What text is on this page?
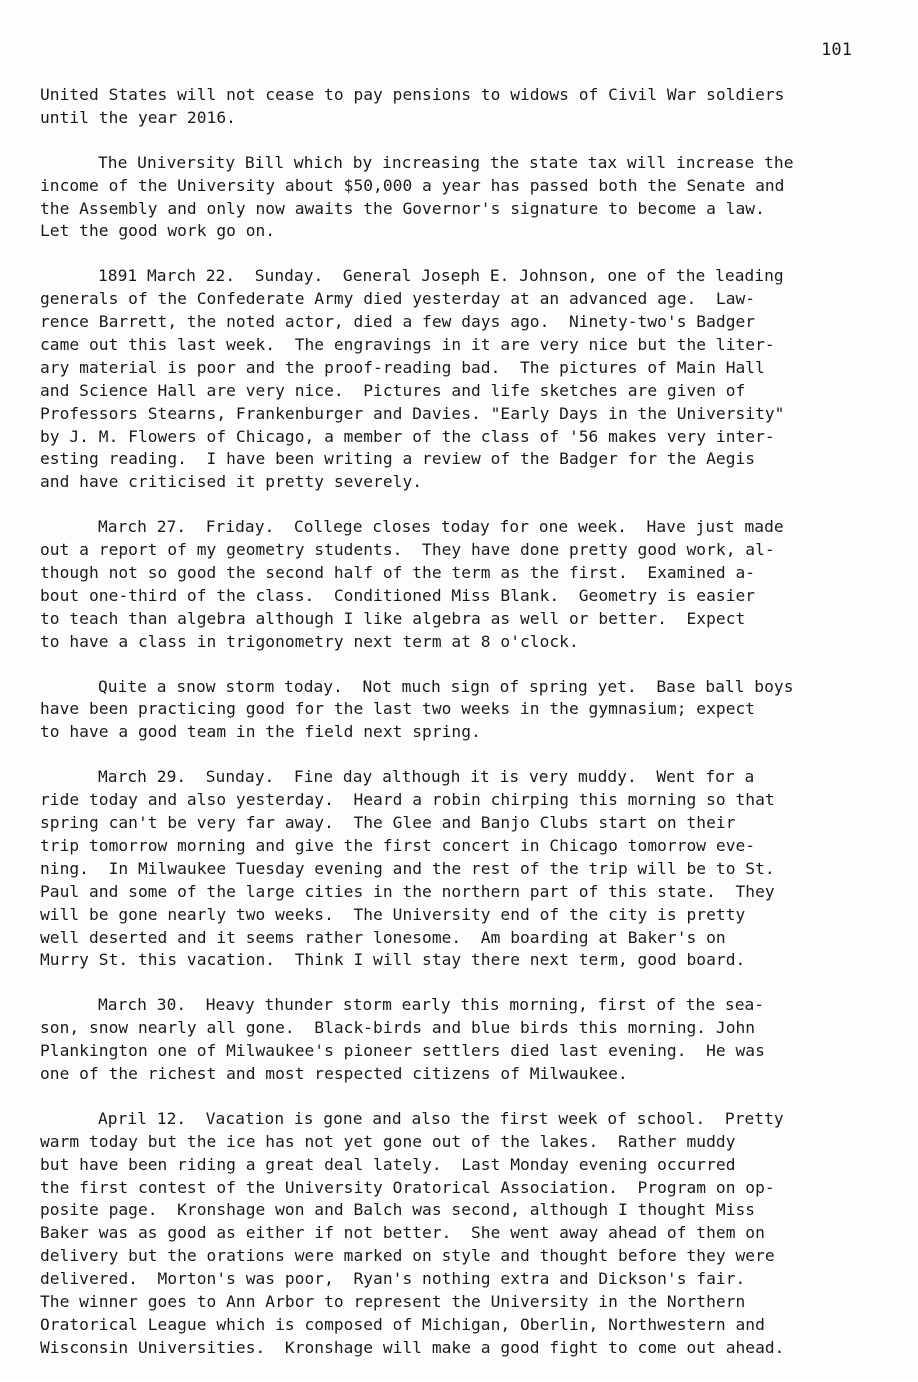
101
United States will not cease to pay pensions to widows of Civil War soldiers
until the year 2016.
The University Bill which by increasing the state tax will increase the
income of the University about $50,000 a year has passed both the Senate and
the Assembly and only now awaits the Governor's signature to become a law.
Let the good work go on.
1891 March 22.  Sunday.  General Joseph E. Johnson, one of the leading
generals of the Confederate Army died yesterday at an advanced age.  Law-
rence Barrett, the noted actor, died a few days ago.  Ninety-two's Badger
came out this last week.  The engravings in it are very nice but the liter-
ary material is poor and the proof-reading bad.  The pictures of Main Hall
and Science Hall are very nice.  Pictures and life sketches are given of
Professors Stearns, Frankenburger and Davies. "Early Days in the University"
by J. M. Flowers of Chicago, a member of the class of '56 makes very inter-
esting reading.  I have been writing a review of the Badger for the Aegis
and have criticised it pretty severely.
March 27.  Friday.  College closes today for one week.  Have just made
out a report of my geometry students.  They have done pretty good work, al-
though not so good the second half of the term as the first.  Examined a-
bout one-third of the class.  Conditioned Miss Blank.  Geometry is easier
to teach than algebra although I like algebra as well or better.  Expect
to have a class in trigonometry next term at 8 o'clock.
Quite a snow storm today.  Not much sign of spring yet.  Base ball boys
have been practicing good for the last two weeks in the gymnasium; expect
to have a good team in the field next spring.
March 29.  Sunday.  Fine day although it is very muddy.  Went for a
ride today and also yesterday.  Heard a robin chirping this morning so that
spring can't be very far away.  The Glee and Banjo Clubs start on their
trip tomorrow morning and give the first concert in Chicago tomorrow eve-
ning.  In Milwaukee Tuesday evening and the rest of the trip will be to St.
Paul and some of the large cities in the northern part of this state.  They
will be gone nearly two weeks.  The University end of the city is pretty
well deserted and it seems rather lonesome.  Am boarding at Baker's on
Murry St. this vacation.  Think I will stay there next term, good board.
March 30.  Heavy thunder storm early this morning, first of the sea-
son, snow nearly all gone.  Black-birds and blue birds this morning. John
Plankington one of Milwaukee's pioneer settlers died last evening.  He was
one of the richest and most respected citizens of Milwaukee.
April 12.  Vacation is gone and also the first week of school.  Pretty
warm today but the ice has not yet gone out of the lakes.  Rather muddy
but have been riding a great deal lately.  Last Monday evening occurred
the first contest of the University Oratorical Association.  Program on op-
posite page.  Kronshage won and Balch was second, although I thought Miss
Baker was as good as either if not better.  She went away ahead of them on
delivery but the orations were marked on style and thought before they were
delivered.  Morton's was poor,  Ryan's nothing extra and Dickson's fair.
The winner goes to Ann Arbor to represent the University in the Northern
Oratorical League which is composed of Michigan, Oberlin, Northwestern and
Wisconsin Universities.  Kronshage will make a good fight to come out ahead.
